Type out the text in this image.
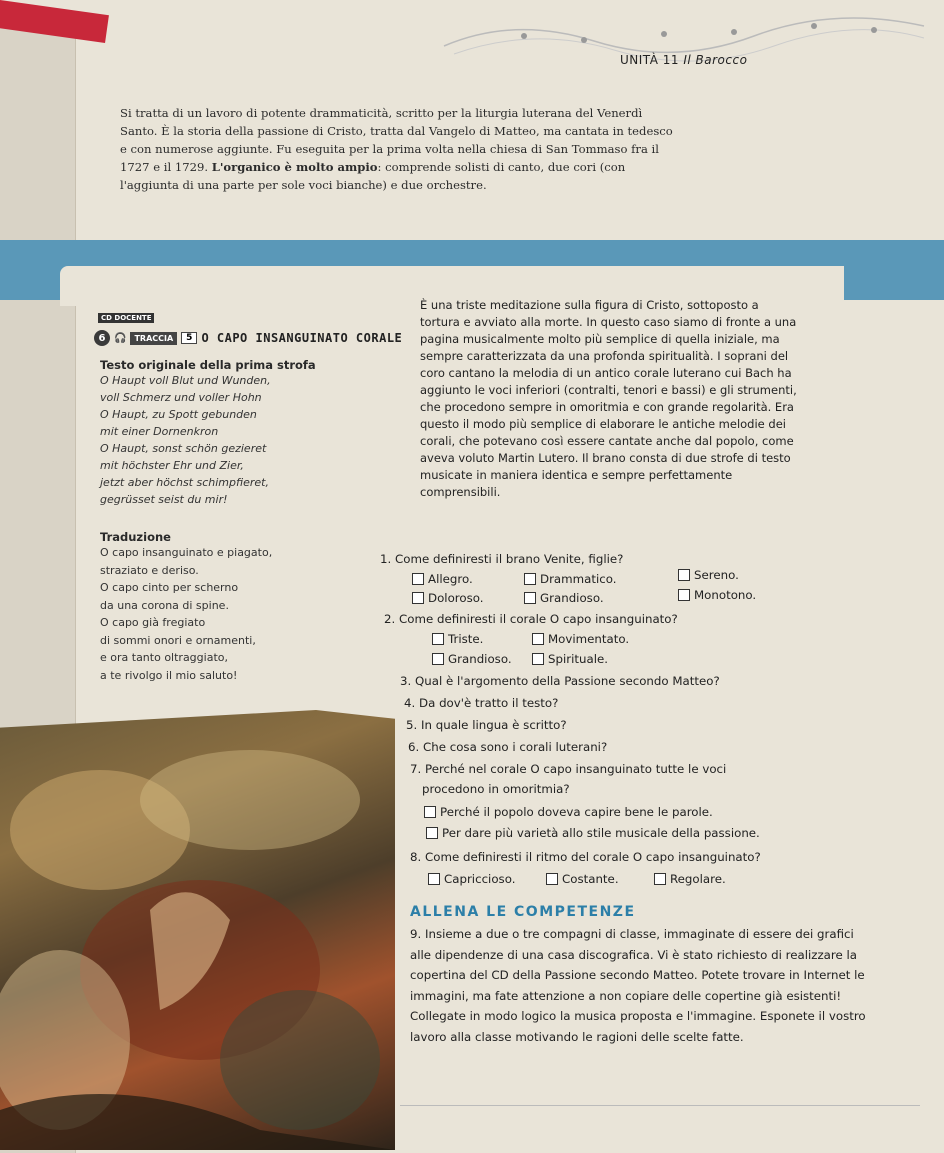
UNITÀ 11 Il Barocco
Si tratta di un lavoro di potente drammaticità, scritto per la liturgia luterana del Venerdì Santo. È la storia della passione di Cristo, tratta dal Vangelo di Matteo, ma cantata in tedesco e con numerose aggiunte. Fu eseguita per la prima volta nella chiesa di San Tommaso fra il 1727 e il 1729. L'organico è molto ampio: comprende solisti di canto, due cori (con l'aggiunta di una parte per sole voci bianche) e due orchestre.
CD DOCENTE
6 🎧	TRACCIA	5 O CAPO INSANGUINATO CORALE
Testo originale della prima strofa
O Haupt voll Blut und Wunden,
voll Schmerz und voller Hohn
O Haupt, zu Spott gebunden
mit einer Dornenkron
O Haupt, sonst schön gezieret
mit höchster Ehr und Zier,
jetzt aber höchst schimpfieret,
gegrüsset seist du mir!
Traduzione
O capo insanguinato e piagato,
straziato e deriso.
O capo cinto per scherno
da una corona di spine.
O capo già fregiato
di sommi onori e ornamenti,
e ora tanto oltraggiato,
a te rivolgo il mio saluto!
È una triste meditazione sulla figura di Cristo, sottoposto a tortura e avviato alla morte. In questo caso siamo di fronte a una pagina musicalmente molto più semplice di quella iniziale, ma sempre caratterizzata da una profonda spiritualità. I soprani del coro cantano la melodia di un antico corale luterano cui Bach ha aggiunto le voci inferiori (contralti, tenori e bassi) e gli strumenti, che procedono sempre in omoritmia e con grande regolarità. Era questo il modo più semplice di elaborare le antiche melodie dei corali, che potevano così essere cantate anche dal popolo, come aveva voluto Martin Lutero. Il brano consta di due strofe di testo musicate in maniera identica e sempre perfettamente comprensibili.
1. Come definiresti il brano Venite, figlie?
Allegro.	Drammatico.	Sereno.
Doloroso.	Grandioso.	Monotono.
2. Come definiresti il corale O capo insanguinato?
Triste.	Movimentato.
Grandioso.	Spirituale.
3. Qual è l'argomento della Passione secondo Matteo?
4. Da dov'è tratto il testo?
5. In quale lingua è scritto?
6. Che cosa sono i corali luterani?
7. Perché nel corale O capo insanguinato tutte le voci
procedono in omoritmia?
Perché il popolo doveva capire bene le parole.
Per dare più varietà allo stile musicale della passione.
8. Come definiresti il ritmo del corale O capo insanguinato?
Capriccioso.	Costante.	Regolare.
ALLENA LE COMPETENZE
9. Insieme a due o tre compagni di classe, immaginate di essere dei grafici alle dipendenze di una casa discografica. Vi è stato richiesto di realizzare la copertina del CD della Passione secondo Matteo. Potete trovare in Internet le immagini, ma fate attenzione a non copiare delle copertine già esistenti! Collegate in modo logico la musica proposta e l'immagine. Esponete il vostro lavoro alla classe motivando le ragioni delle scelte fatte.
